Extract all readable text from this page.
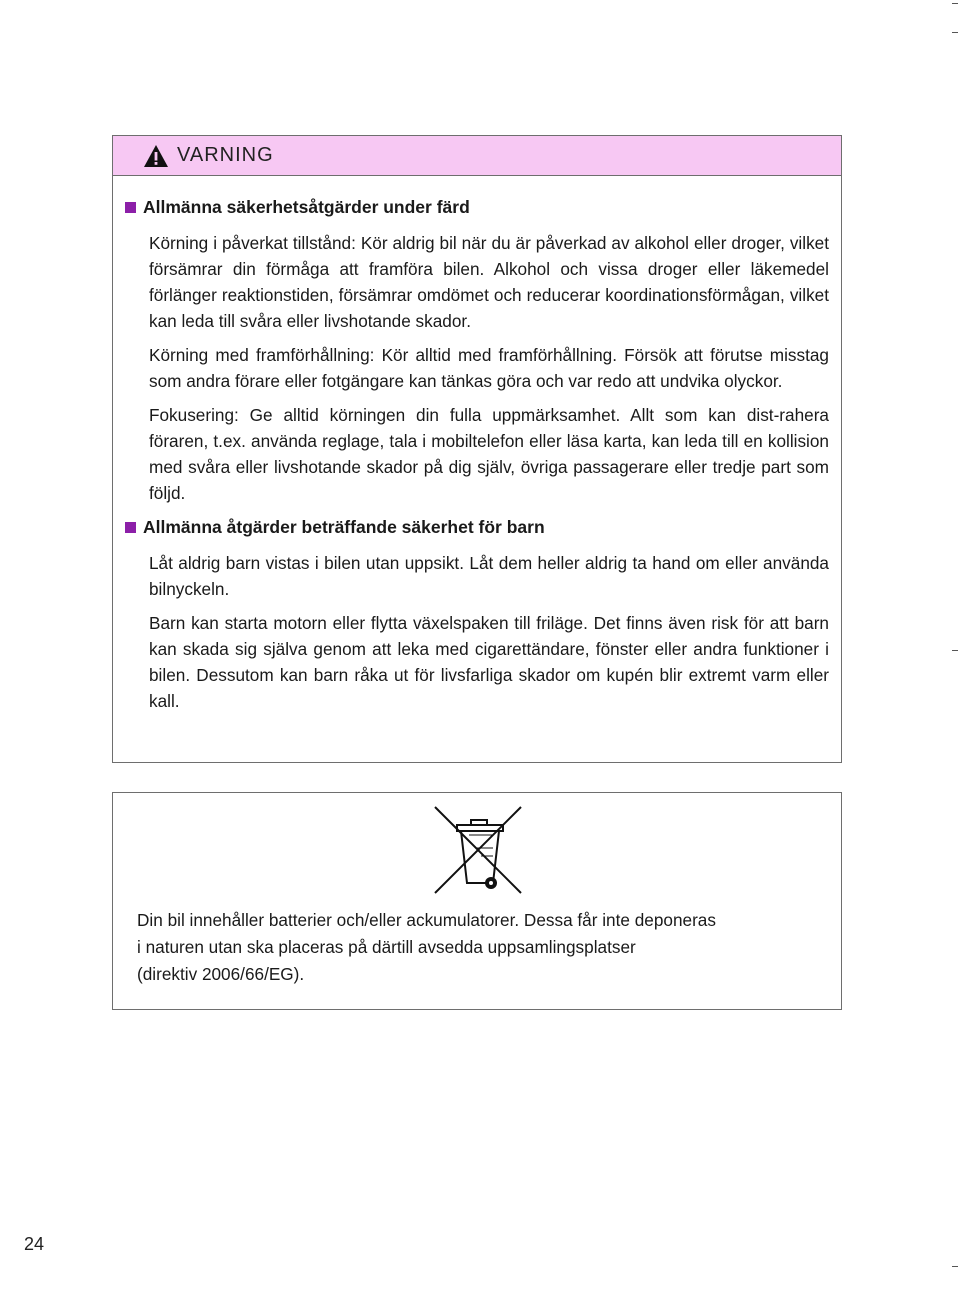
VARNING
Allmänna säkerhetsåtgärder under färd

Körning i påverkat tillstånd: Kör aldrig bil när du är påverkad av alkohol eller droger, vilket försämrar din förmåga att framföra bilen. Alkohol och vissa droger eller läkemedel förlänger reaktionstiden, försämrar omdömet och reducerar koordinationsförmågan, vilket kan leda till svåra eller livshotande skador.

Körning med framförhållning: Kör alltid med framförhållning. Försök att förutse misstag som andra förare eller fotgängare kan tänkas göra och var redo att undvika olyckor.

Fokusering: Ge alltid körningen din fulla uppmärksamhet. Allt som kan dist-rahera föraren, t.ex. använda reglage, tala i mobiltelefon eller läsa karta, kan leda till en kollision med svåra eller livshotande skador på dig själv, övriga passagerare eller tredje part som följd.

Allmänna åtgärder beträffande säkerhet för barn

Låt aldrig barn vistas i bilen utan uppsikt. Låt dem heller aldrig ta hand om eller använda bilnyckeln.

Barn kan starta motorn eller flytta växelspaken till friläge. Det finns även risk för att barn kan skada sig själva genom att leka med cigarettändare, fönster eller andra funktioner i bilen. Dessutom kan barn råka ut för livsfarliga skador om kupén blir extremt varm eller kall.

Din bil innehåller batterier och/eller ackumulatorer. Dessa får inte deponeras
i naturen utan ska placeras på därtill avsedda uppsamlingsplatser
(direktiv 2006/66/EG).

24
